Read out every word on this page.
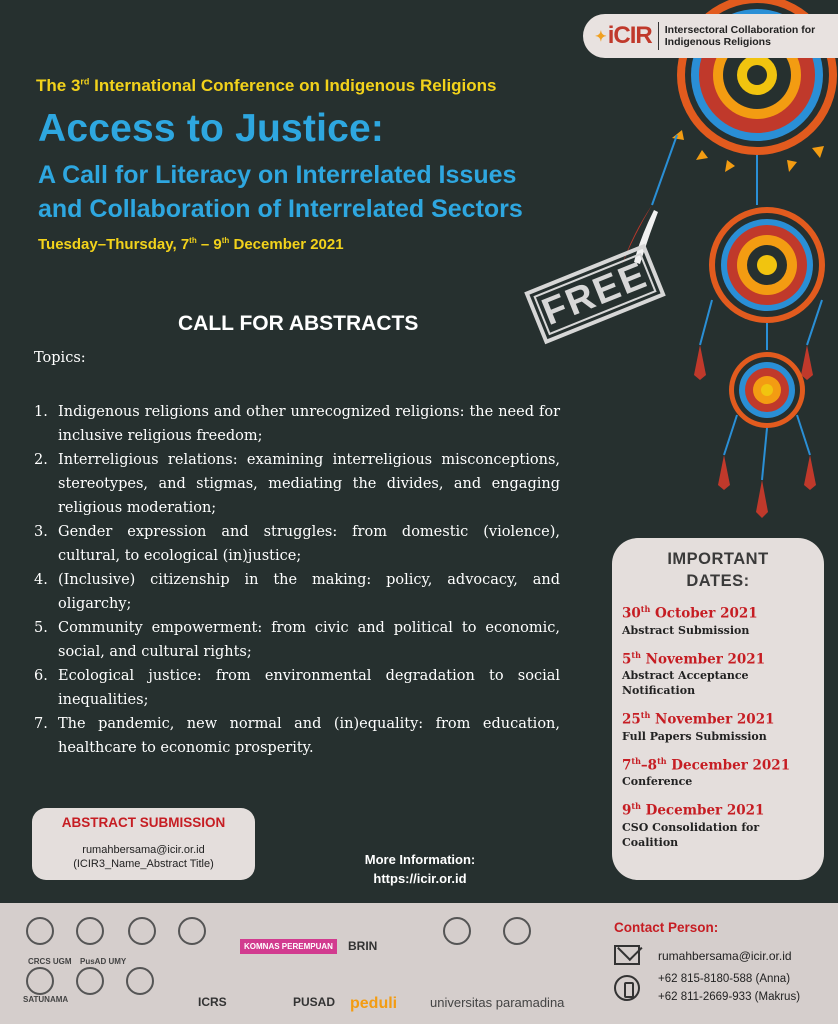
✦ iCIR Intersectoral Collaboration for
Indigenous Religions
The 3rd International Conference on Indigenous Religions
Access to Justice:
A Call for Literacy on Interrelated Issues
and Collaboration of Interrelated Sectors
Tuesday–Thursday, 7th – 9th December 2021
FREE
CALL FOR ABSTRACTS
Topics:
1. Indigenous religions and other unrecognized religions: the need for inclusive religious freedom;
2. Interreligious relations: examining interreligious misconceptions, stereotypes, and stigmas, mediating the divides, and engaging religious moderation;
3. Gender expression and struggles: from domestic (violence), cultural, to ecological (in)justice;
4. (Inclusive) citizenship in the making: policy, advocacy, and oligarchy;
5. Community empowerment: from civic and political to economic, social, and cultural rights;
6. Ecological justice: from environmental degradation to social inequalities;
7. The pandemic, new normal and (in)equality: from education, healthcare to economic prosperity.
IMPORTANT
DATES:
30th October 2021
Abstract Submission
5th November 2021
Abstract Acceptance Notification
25th November 2021
Full Papers Submission
7th–8th December 2021
Conference
9th December 2021
CSO Consolidation for Coalition
ABSTRACT SUBMISSION
rumahbersama@icir.or.id
(ICIR3_Name_Abstract Title)	More Information:
https://icir.or.id
CRCS UGM PusAD UMY
SATUNAMA
KOMNAS PEREMPUAN	BRIN
ICRS	PUSAD peduli	universitas paramadina
Contact Person:
rumahbersama@icir.or.id
+62 815-8180-588 (Anna)
+62 811-2669-933 (Makrus)
